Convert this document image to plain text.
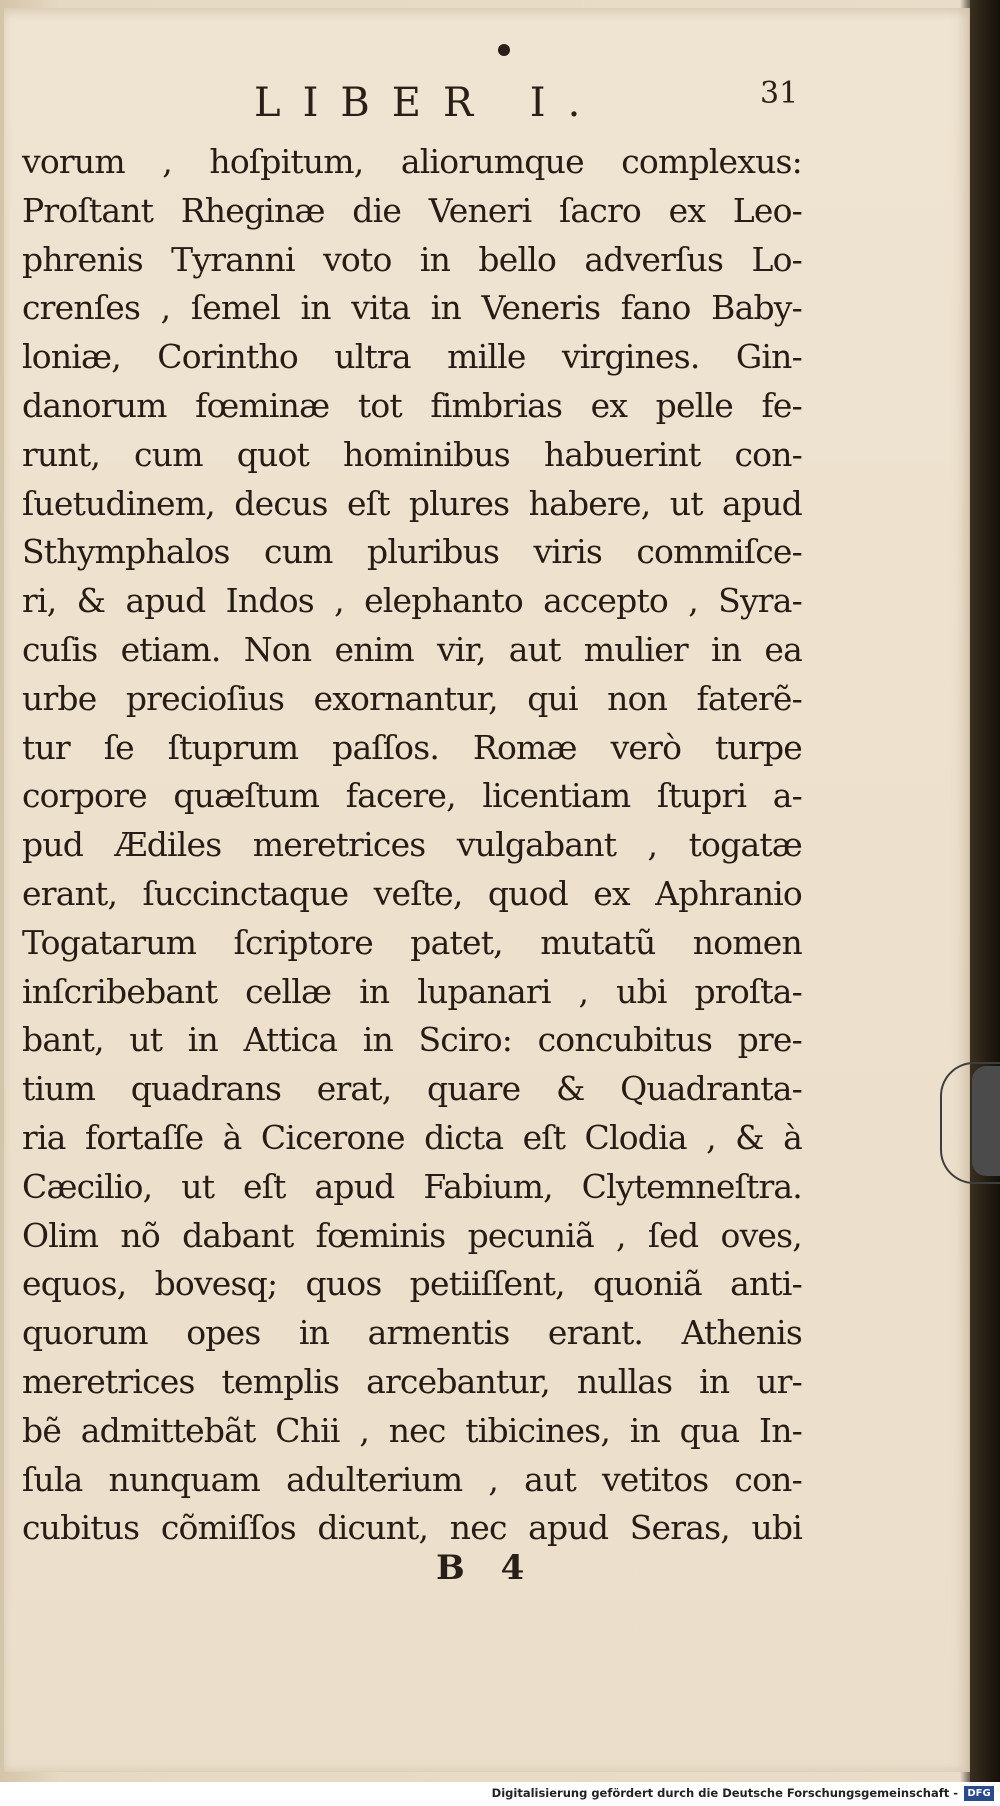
LIBER I.	31
vorum , hoſpitum, aliorumque complexus:
Proſtant Rheginæ die Veneri ſacro ex Leo-
phrenis Tyranni voto in bello adverſus Lo-
crenſes , ſemel in vita in Veneris fano Baby-
loniæ, Corintho ultra mille virgines. Gin-
danorum fœminæ tot fimbrias ex pelle fe-
runt, cum quot hominibus habuerint con-
ſuetudinem, decus eſt plures habere, ut apud
Sthymphalos cum pluribus viris commiſce-
ri, & apud Indos , elephanto accepto , Syra-
cuſis etiam. Non enim vir, aut mulier in ea
urbe precioſius exornantur, qui non faterẽ-
tur ſe ſtuprum paſſos. Romæ verò turpe
corpore quæſtum facere, licentiam ſtupri a-
pud Ædiles meretrices vulgabant , togatæ
erant, ſuccinctaque veſte, quod ex Aphranio
Togatarum ſcriptore patet, mutatũ nomen
inſcribebant cellæ in lupanari , ubi proſta-
bant, ut in Attica in Sciro: concubitus pre-
tium quadrans erat, quare & Quadranta-
ria fortaſſe à Cicerone dicta eſt Clodia , & à
Cæcilio, ut eſt apud Fabium, Clytemneſtra.
Olim nõ dabant fœminis pecuniã , ſed oves,
equos, bovesq; quos petiiſſent, quoniã anti-
quorum opes in armentis erant. Athenis
meretrices templis arcebantur, nullas in ur-
bẽ admittebãt Chii , nec tibicines, in qua In-
ſula nunquam adulterium , aut vetitos con-
cubitus cõmiſſos dicunt, nec apud Seras, ubi
B 4
Digitalisierung gefördert durch die Deutsche Forschungsgemeinschaft - DFG
